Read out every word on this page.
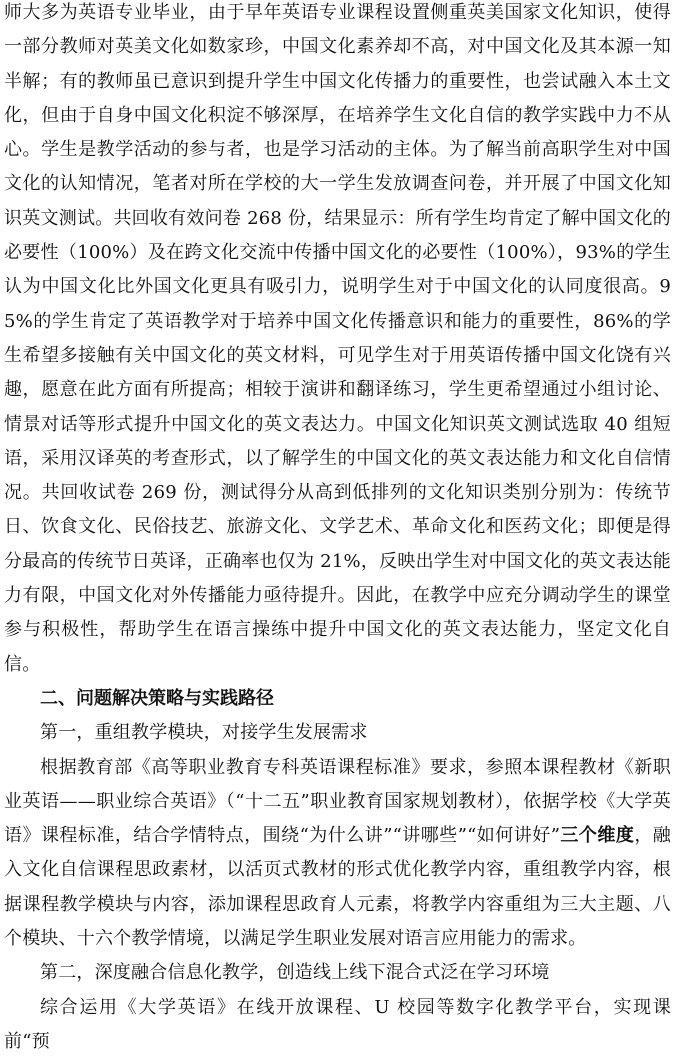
师大多为英语专业毕业，由于早年英语专业课程设置侧重英美国家文化知识，使得一部分教师对英美文化如数家珍，中国文化素养却不高，对中国文化及其本源一知半解；有的教师虽已意识到提升学生中国文化传播力的重要性，也尝试融入本土文化，但由于自身中国文化积淀不够深厚，在培养学生文化自信的教学实践中力不从心。学生是教学活动的参与者，也是学习活动的主体。为了解当前高职学生对中国文化的认知情况，笔者对所在学校的大一学生发放调查问卷，并开展了中国文化知识英文测试。共回收有效问卷 268 份，结果显示：所有学生均肯定了解中国文化的必要性（100%）及在跨文化交流中传播中国文化的必要性（100%），93%的学生认为中国文化比外国文化更具有吸引力，说明学生对于中国文化的认同度很高。95%的学生肯定了英语教学对于培养中国文化传播意识和能力的重要性，86%的学生希望多接触有关中国文化的英文材料，可见学生对于用英语传播中国文化饶有兴趣，愿意在此方面有所提高；相较于演讲和翻译练习，学生更希望通过小组讨论、情景对话等形式提升中国文化的英文表达力。中国文化知识英文测试选取 40 组短语，采用汉译英的考查形式，以了解学生的中国文化的英文表达能力和文化自信情况。共回收试卷 269 份，测试得分从高到低排列的文化知识类别分别为：传统节日、饮食文化、民俗技艺、旅游文化、文学艺术、革命文化和医药文化；即便是得分最高的传统节日英译，正确率也仅为 21%，反映出学生对中国文化的英文表达能力有限，中国文化对外传播能力亟待提升。因此，在教学中应充分调动学生的课堂参与积极性，帮助学生在语言操练中提升中国文化的英文表达能力，坚定文化自信。

二、问题解决策略与实践路径

第一，重组教学模块，对接学生发展需求

根据教育部《高等职业教育专科英语课程标准》要求，参照本课程教材《新职业英语——职业综合英语》（“十二五”职业教育国家规划教材），依据学校《大学英语》课程标准，结合学情特点，围绕“为什么讲”“讲哪些”“如何讲好”三个维度，融入文化自信课程思政素材，以活页式教材的形式优化教学内容，重组教学内容，根据课程教学模块与内容，添加课程思政育人元素，将教学内容重组为三大主题、八个模块、十六个教学情境，以满足学生职业发展对语言应用能力的需求。

第二，深度融合信息化教学，创造线上线下混合式泛在学习环境

综合运用《大学英语》在线开放课程、U 校园等数字化教学平台，实现课前“预
